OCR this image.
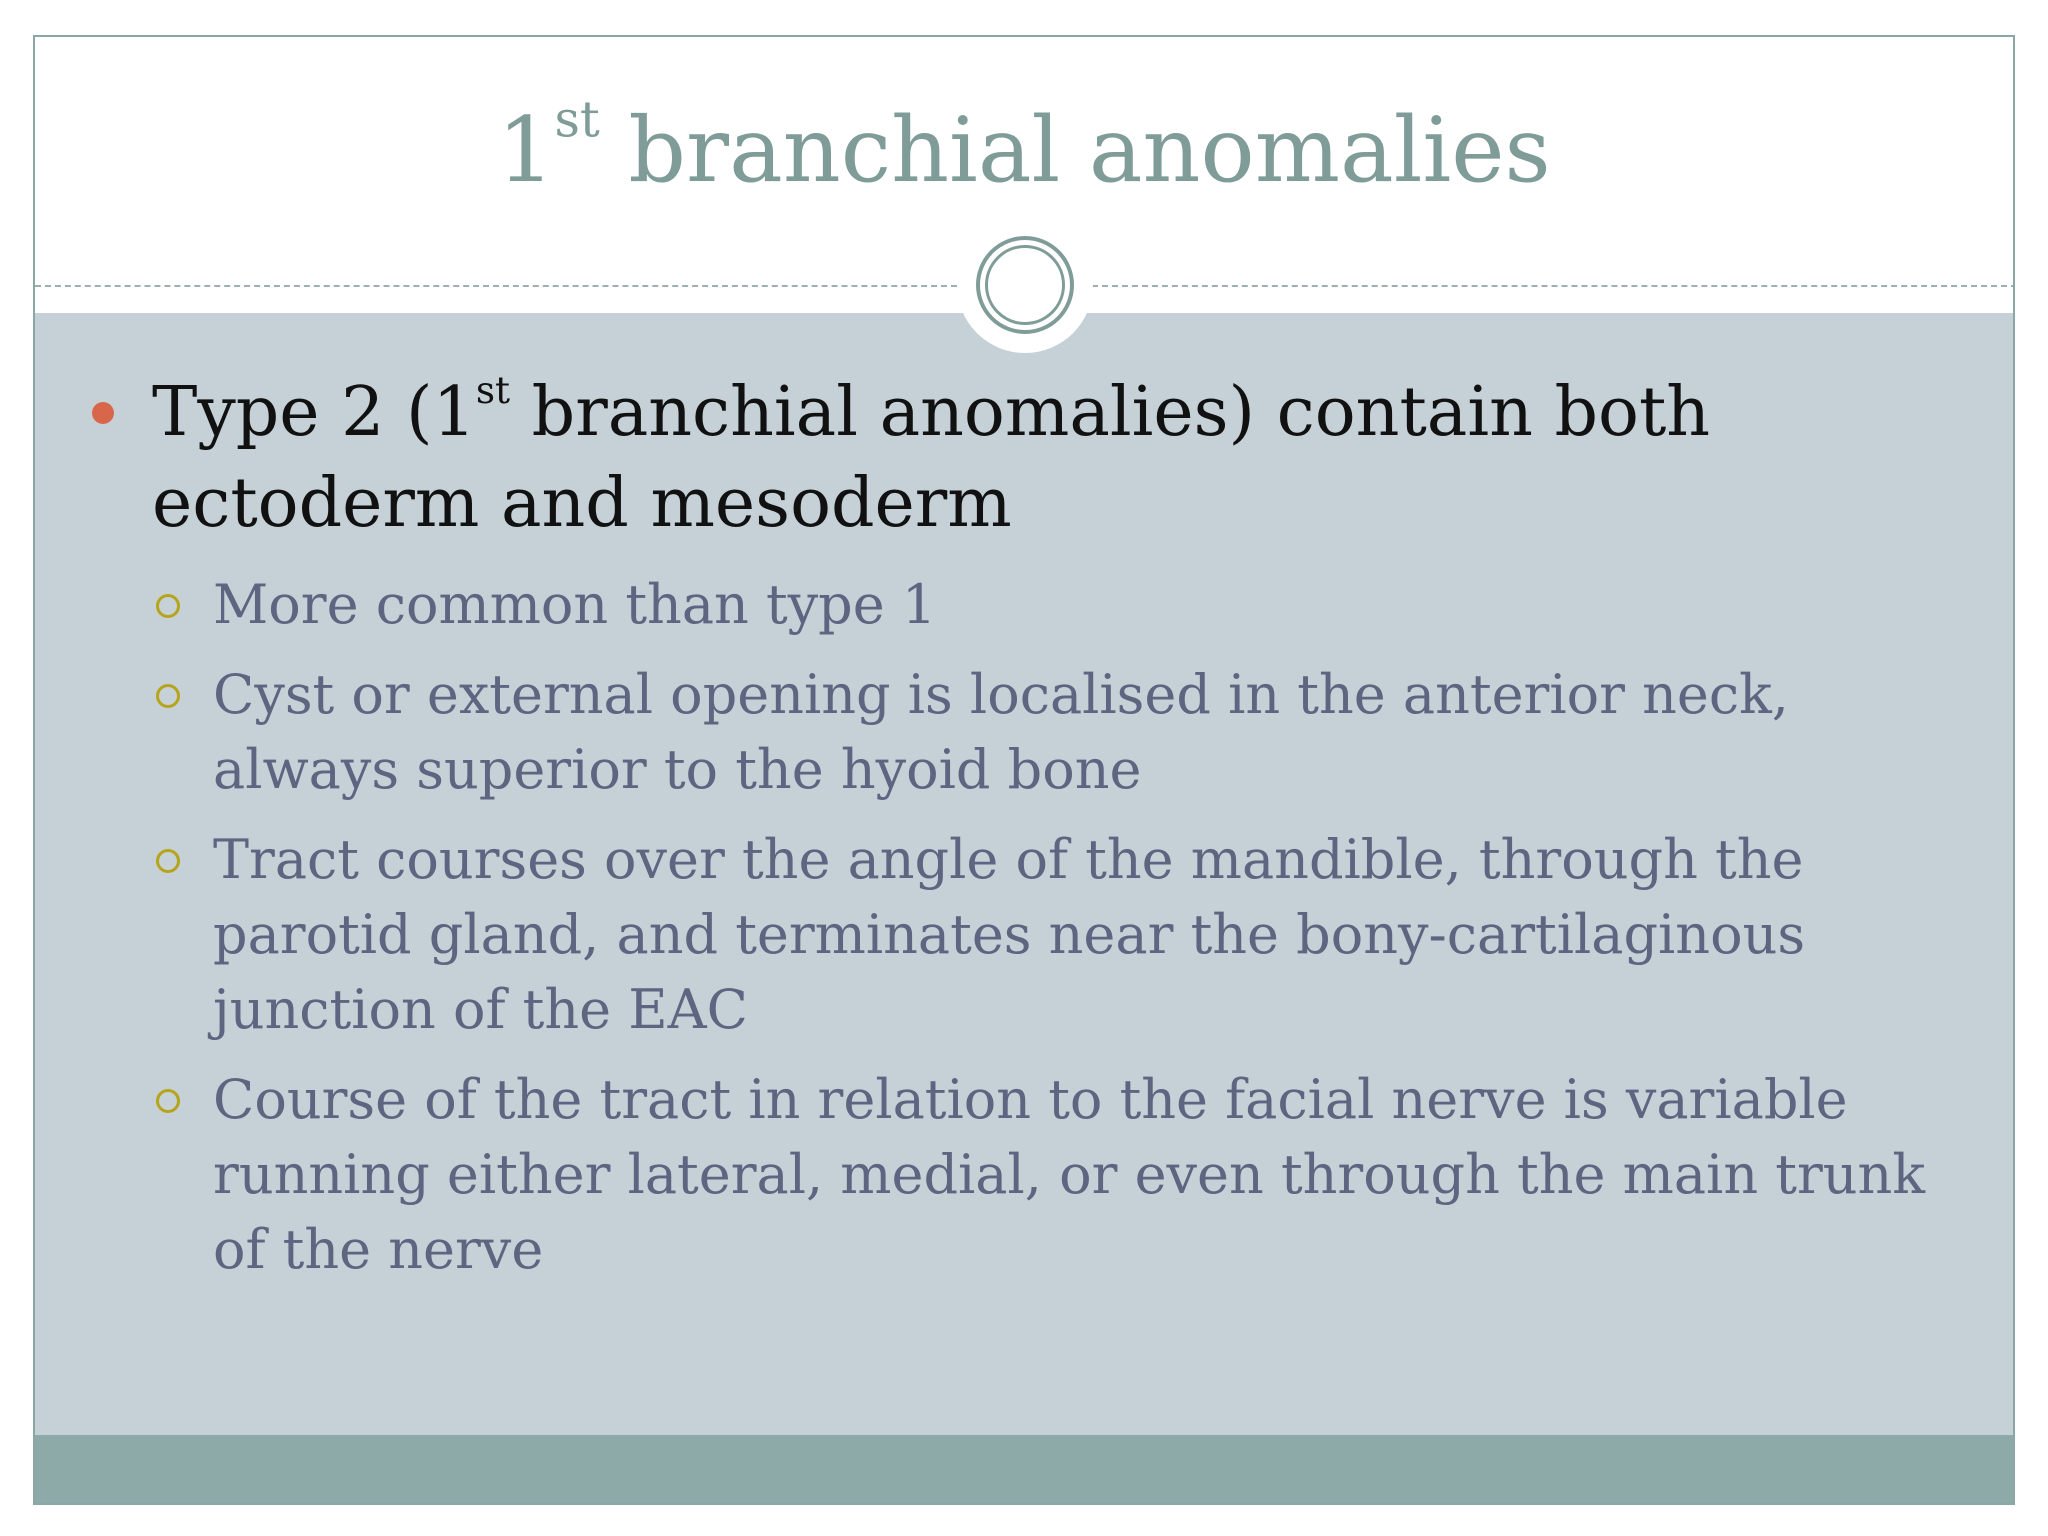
1st branchial anomalies

Type 2 (1st branchial anomalies) contain both ectoderm and mesoderm

More common than type 1
Cyst or external opening is localised in the anterior neck, always superior to the hyoid bone
Tract courses over the angle of the mandible, through the parotid gland, and terminates near the bony-cartilaginous junction of the EAC
Course of the tract in relation to the facial nerve is variable running either lateral, medial, or even through the main trunk of the nerve
